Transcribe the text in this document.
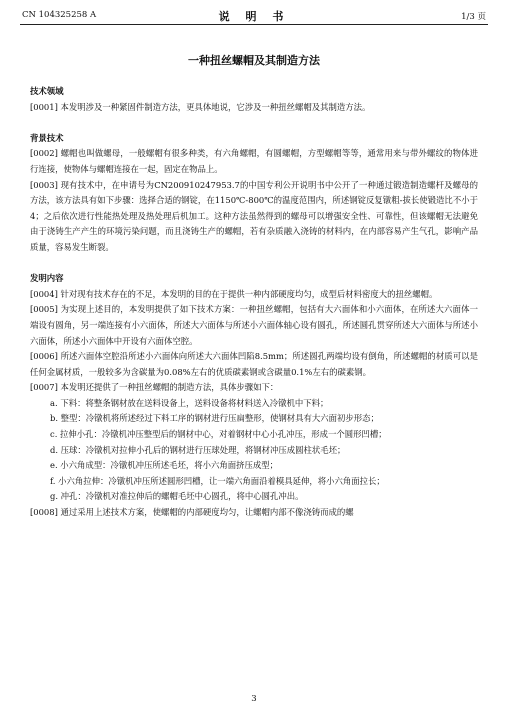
CN 104325258 A	说 明 书	1/3 页
一种扭丝螺帽及其制造方法
技术领域

[0001] 本发明涉及一种紧固件制造方法，更具体地说，它涉及一种扭丝螺帽及其制造方法。

背景技术

[0002] 螺帽也叫做螺母，一般螺帽有很多种类，有六角螺帽，有圆螺帽，方型螺帽等等，通常用来与带外螺纹的物体进行连接，使物体与螺帽连接在一起，固定在物品上。

[0003] 现有技术中，在申请号为CN200910247953.7的中国专利公开说明书中公开了一种通过锻造制造螺杆及螺母的方法，该方法具有如下步骤：选择合适的钢锭，在1150℃-800℃的温度范围内，所述钢锭反复镦粗-拔长使锻造比不小于4；之后依次进行性能热处理及热处理后机加工。这种方法虽然得到的螺母可以增强安全性、可靠性，但该螺帽无法避免由于浇铸生产产生的环境污染问题，而且浇铸生产的螺帽，若有杂质融入浇铸的材料内，在内部容易产生气孔，影响产品质量，容易发生断裂。

发明内容

[0004] 针对现有技术存在的不足，本发明的目的在于提供一种内部硬度均匀，成型后材料密度大的扭丝螺帽。

[0005] 为实现上述目的，本发明提供了如下技术方案：一种扭丝螺帽，包括有大六面体和小六面体，在所述大六面体一端设有圆角，另一端连接有小六面体，所述大六面体与所述小六面体轴心设有圆孔，所述圆孔贯穿所述大六面体与所述小六面体，所述小六面体中开设有六面体空腔。

[0006] 所述六面体空腔沿所述小六面体向所述大六面体凹陷8.5mm；所述圆孔两端均设有倒角，所述螺帽的材质可以是任何金属材质，一般较多为含碳量为0.08%左右的优质碳素钢或含碳量0.1%左右的碳素钢。

[0007] 本发明还提供了一种扭丝螺帽的制造方法，具体步骤如下：

a. 下料：将整条钢材放在送料设备上，送料设备将材料送入冷镦机中下料；

b. 整型：冷镦机将所述经过下料工序的钢材进行压扁整形，使钢材具有大六面初步形态；

c. 拉伸小孔：冷镦机冲压整型后的钢材中心，对着钢材中心小孔冲压，形成一个圆形凹槽；

d. 压球：冷镦机对拉伸小孔后的钢材进行压球处理，将钢材冲压成圆柱状毛坯；

e. 小六角成型：冷镦机冲压所述毛坯，将小六角面挤压成型；

f. 小六角拉伸：冷镦机冲压所述圆形凹槽，让一端六角面沿着模具延伸，将小六角面拉长；

g. 冲孔：冷镦机对准拉伸后的螺帽毛坯中心圆孔，将中心圆孔冲出。

[0008] 通过采用上述技术方案，使螺帽的内部硬度均匀，让螺帽内部不像浇铸而成的螺

3
